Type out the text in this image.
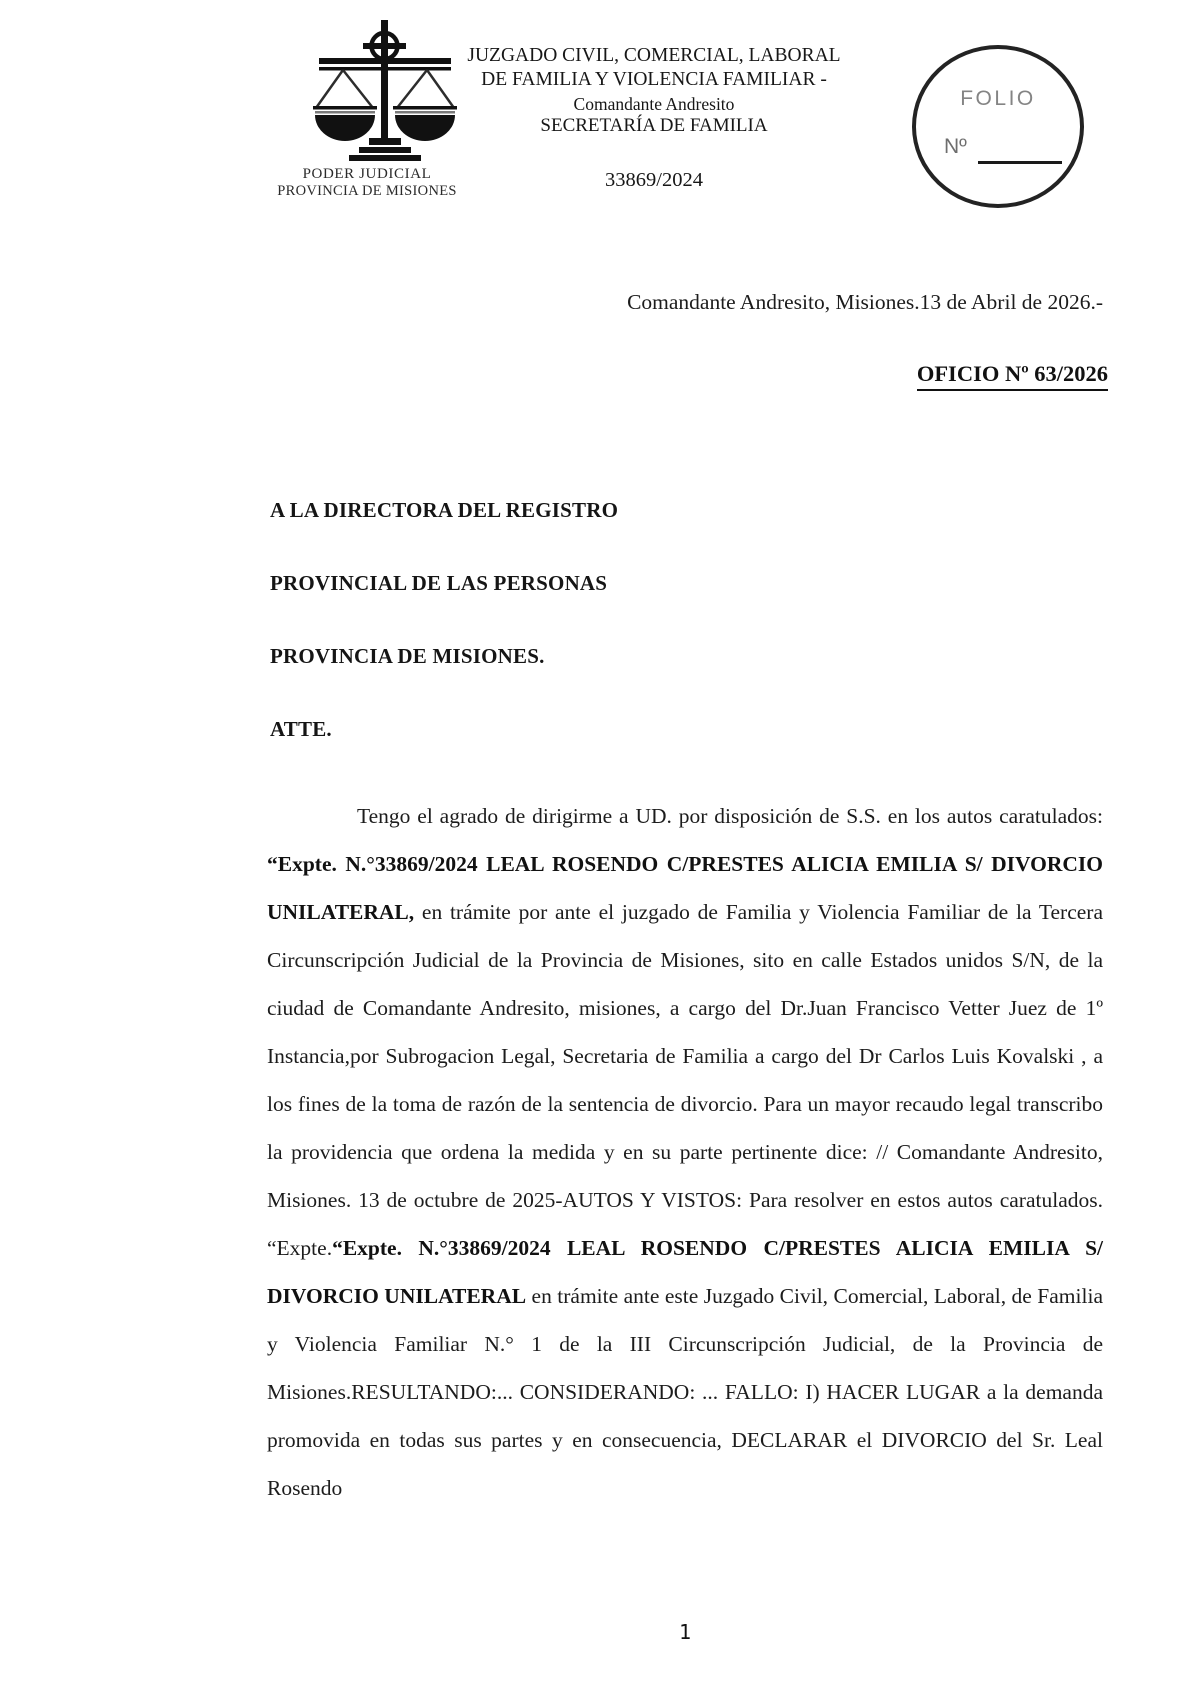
PODER JUDICIAL
PROVINCIA DE MISIONES
JUZGADO CIVIL, COMERCIAL, LABORAL
DE FAMILIA Y VIOLENCIA FAMILIAR -
Comandante Andresito
SECRETARÍA DE FAMILIA
33869/2024
FOLIO
Nº
Comandante Andresito, Misiones.13 de Abril de 2026.-
OFICIO Nº 63/2026
A LA DIRECTORA DEL REGISTRO
PROVINCIAL DE LAS PERSONAS
PROVINCIA DE MISIONES.
ATTE.

Tengo el agrado de dirigirme a UD. por disposición de S.S. en los autos caratulados: “Expte. N.°33869/2024 LEAL ROSENDO C/PRESTES ALICIA EMILIA S/ DIVORCIO UNILATERAL, en trámite por ante el juzgado de Familia y Violencia Familiar de la Tercera Circunscripción Judicial de la Provincia de Misiones, sito en calle Estados unidos S/N, de la ciudad de Comandante Andresito, misiones, a cargo del Dr.Juan Francisco Vetter Juez de 1º Instancia,por Subrogacion Legal, Secretaria de Familia a cargo del Dr Carlos Luis Kovalski , a los fines de la toma de razón de la sentencia de divorcio. Para un mayor recaudo legal transcribo la providencia que ordena la medida y en su parte pertinente dice: // Comandante Andresito, Misiones. 13 de octubre de 2025-AUTOS Y VISTOS: Para resolver en estos autos caratulados. “Expte.“Expte. N.°33869/2024 LEAL ROSENDO C/PRESTES ALICIA EMILIA S/ DIVORCIO UNILATERAL en trámite ante este Juzgado Civil, Comercial, Laboral, de Familia y Violencia Familiar N.° 1 de la III Circunscripción Judicial, de la Provincia de Misiones.RESULTANDO:... CONSIDERANDO: ... FALLO: I) HACER LUGAR a la demanda promovida en todas sus partes y en consecuencia, DECLARAR el DIVORCIO del Sr. Leal Rosendo

1
